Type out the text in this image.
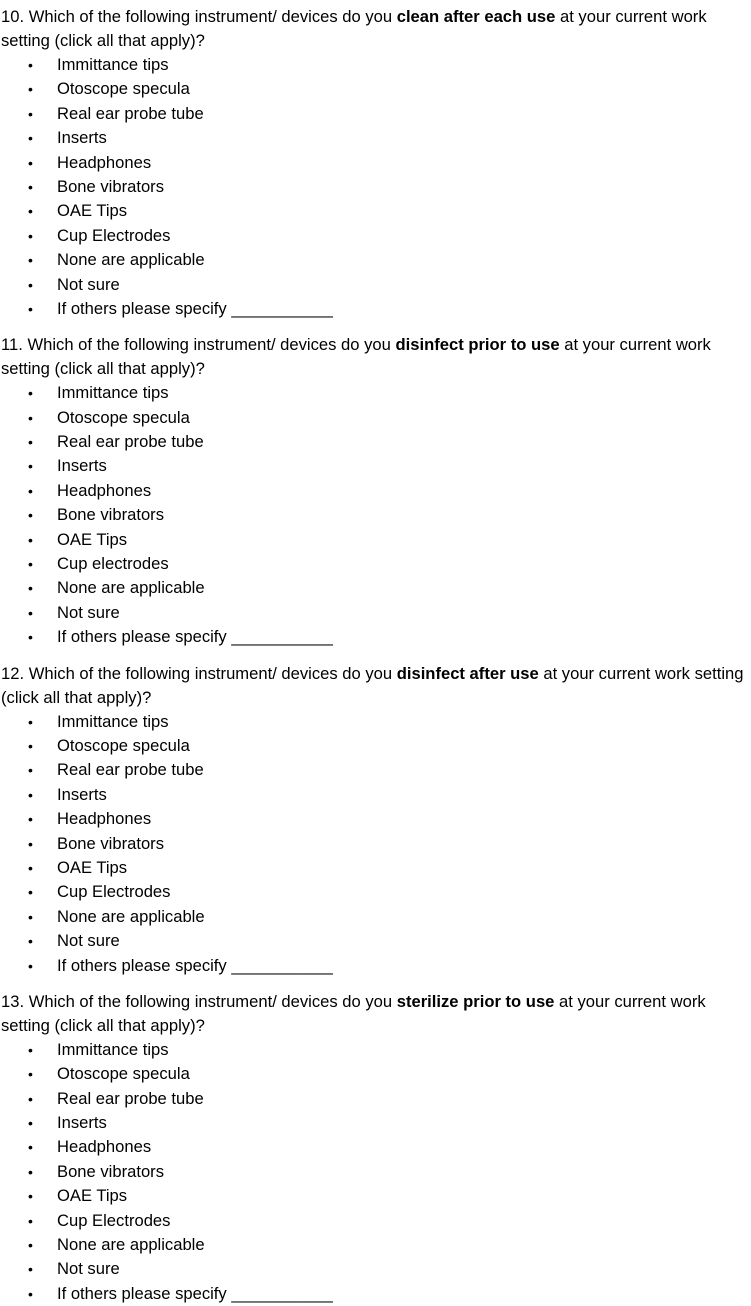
10. Which of the following instrument/ devices do you clean after each use at your current work setting (click all that apply)?

• Immittance tips
• Otoscope specula
• Real ear probe tube
• Inserts
• Headphones
• Bone vibrators
• OAE Tips
• Cup Electrodes
• None are applicable
• Not sure
• If others please specify ___________

11. Which of the following instrument/ devices do you disinfect prior to use at your current work setting (click all that apply)?

• Immittance tips
• Otoscope specula
• Real ear probe tube
• Inserts
• Headphones
• Bone vibrators
• OAE Tips
• Cup electrodes
• None are applicable
• Not sure
• If others please specify ___________

12. Which of the following instrument/ devices do you disinfect after use at your current work setting (click all that apply)?

• Immittance tips
• Otoscope specula
• Real ear probe tube
• Inserts
• Headphones
• Bone vibrators
• OAE Tips
• Cup Electrodes
• None are applicable
• Not sure
• If others please specify ___________

13. Which of the following instrument/ devices do you sterilize prior to use at your current work setting (click all that apply)?

• Immittance tips
• Otoscope specula
• Real ear probe tube
• Inserts
• Headphones
• Bone vibrators
• OAE Tips
• Cup Electrodes
• None are applicable
• Not sure
• If others please specify ___________
